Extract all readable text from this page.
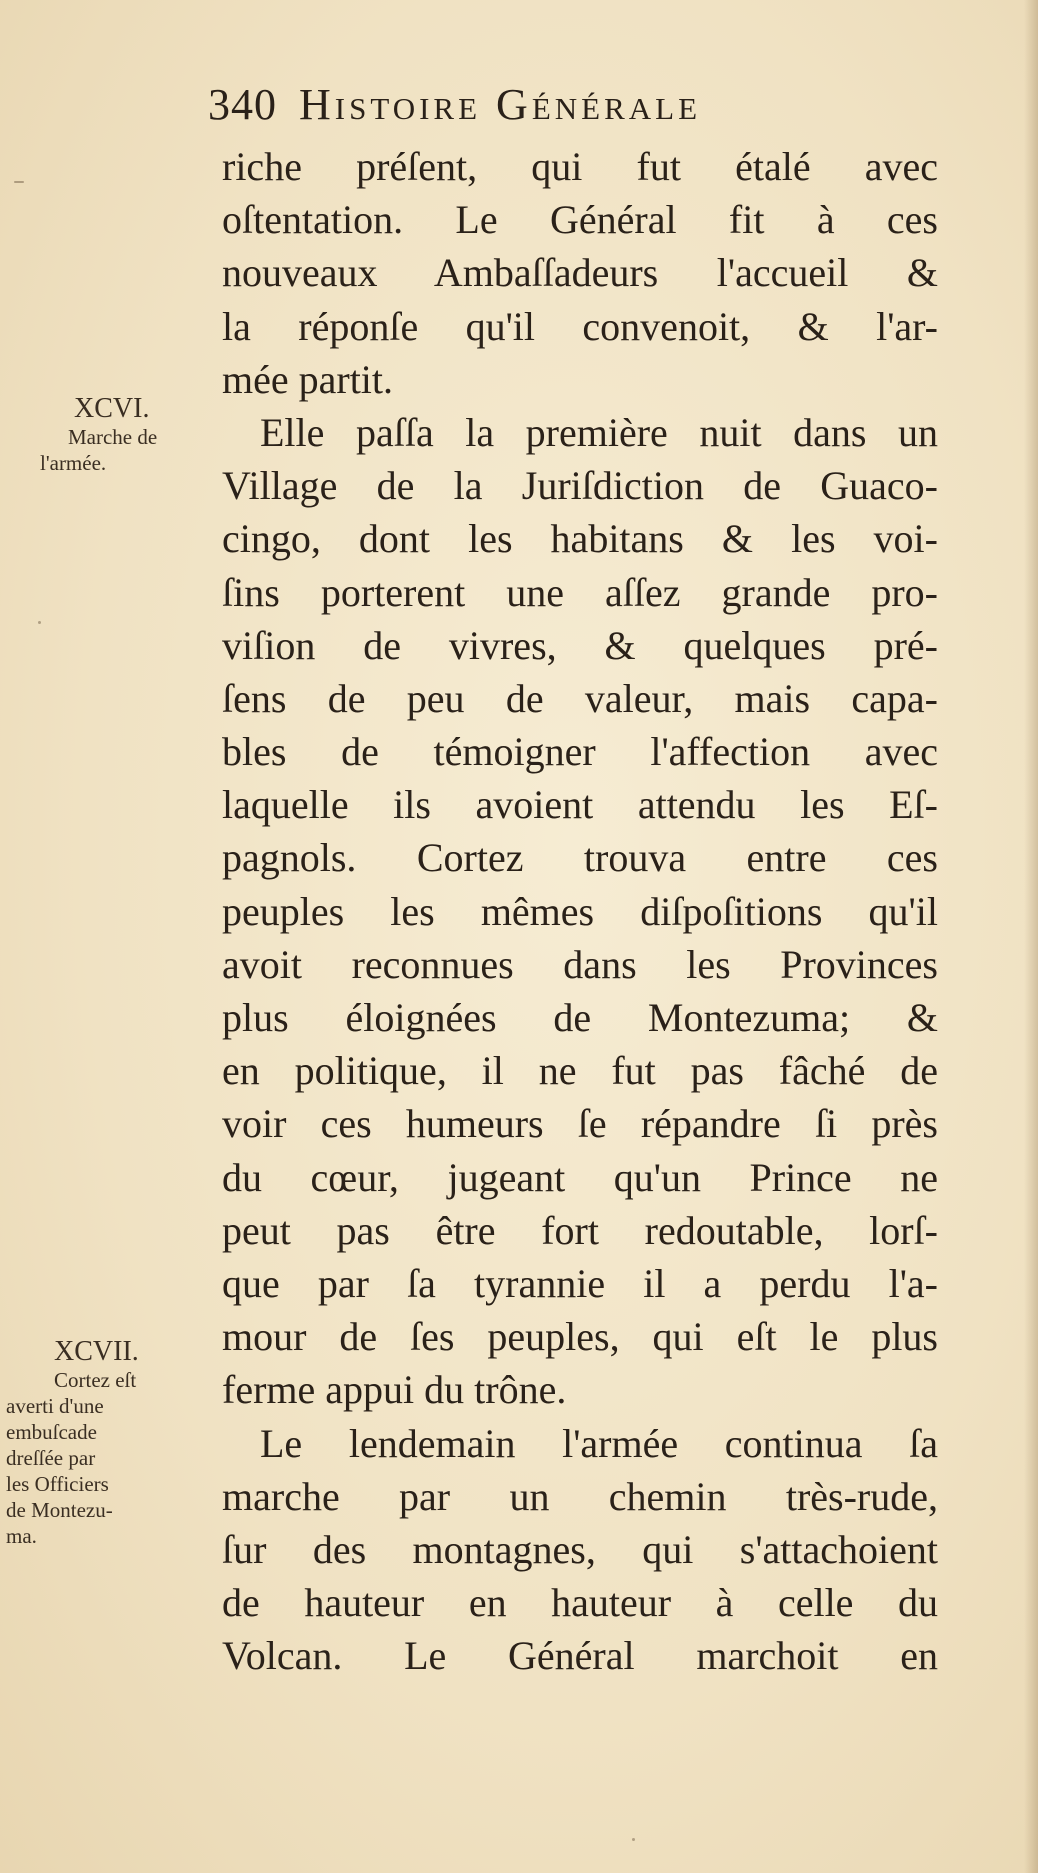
340 Histoire Générale
XCVI.
Marche de
l'armée.
XCVII.
Cortez eſt
averti d'une
embuſcade
dreſſée par
les Officiers
de Montezu-
ma.
riche préſent, qui fut étalé avec
oſtentation. Le Général fit à ces
nouveaux Ambaſſadeurs l'accueil &
la réponſe qu'il convenoit, & l'ar-
mée partit.
Elle paſſa la première nuit dans un
Village de la Juriſdiction de Guaco-
cingo, dont les habitans & les voi-
ſins porterent une aſſez grande pro-
viſion de vivres, & quelques pré-
ſens de peu de valeur, mais capa-
bles de témoigner l'affection avec
laquelle ils avoient attendu les Eſ-
pagnols. Cortez trouva entre ces
peuples les mêmes diſpoſitions qu'il
avoit reconnues dans les Provinces
plus éloignées de Montezuma; &
en politique, il ne fut pas fâché de
voir ces humeurs ſe répandre ſi près
du cœur, jugeant qu'un Prince ne
peut pas être fort redoutable, lorſ-
que par ſa tyrannie il a perdu l'a-
mour de ſes peuples, qui eſt le plus
ferme appui du trône.
Le lendemain l'armée continua ſa
marche par un chemin très-rude,
ſur des montagnes, qui s'attachoient
de hauteur en hauteur à celle du
Volcan. Le Général marchoit en
